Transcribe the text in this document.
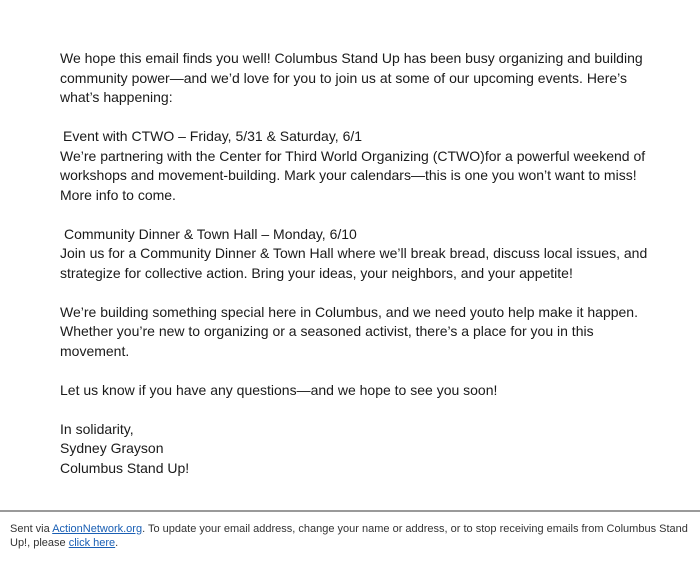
We hope this email finds you well! Columbus Stand Up has been busy organizing and building community power—and we’d love for you to join us at some of our upcoming events. Here’s what’s happening:

Event with CTWO – Friday, 5/31 & Saturday, 6/1

We’re partnering with the Center for Third World Organizing (CTWO)for a powerful weekend of workshops and movement-building. Mark your calendars—this is one you won’t want to miss! More info to come.

Community Dinner & Town Hall – Monday, 6/10

Join us for a Community Dinner & Town Hall where we’ll break bread, discuss local issues, and strategize for collective action. Bring your ideas, your neighbors, and your appetite!

We’re building something special here in Columbus, and we need youto help make it happen. Whether you’re new to organizing or a seasoned activist, there’s a place for you in this movement.

Let us know if you have any questions—and we hope to see you soon!

In solidarity,

Sydney Grayson

Columbus Stand Up!

Sent via ActionNetwork.org. To update your email address, change your name or address, or to stop receiving emails from Columbus Stand Up!, please click here.
